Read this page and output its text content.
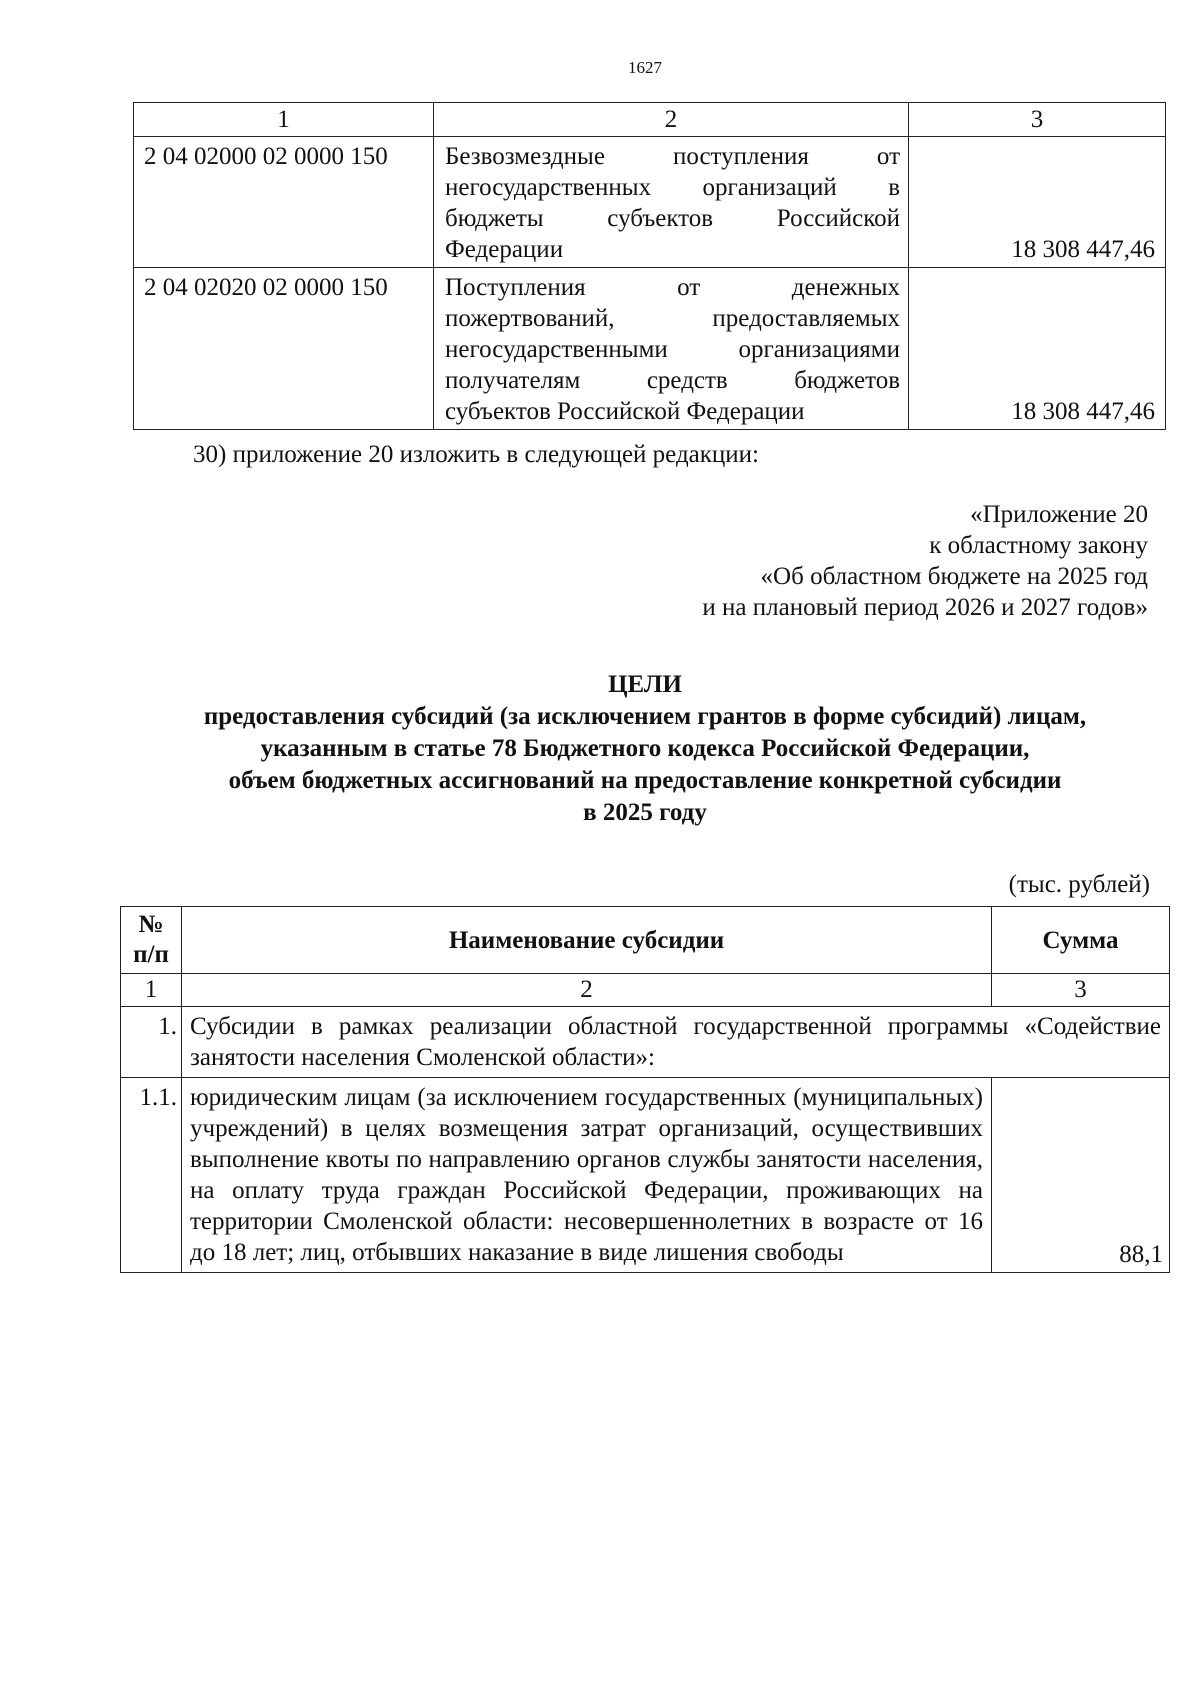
1627
1	2	3
2 04 02000 02 0000 150	Безвозмездные поступления от
негосударственных организаций в
бюджеты субъектов Российской
Федерации	18 308 447,46
2 04 02020 02 0000 150	Поступления от денежных
пожертвований, предоставляемых
негосударственными организациями
получателям средств бюджетов
субъектов Российской Федерации	18 308 447,46
30) приложение 20 изложить в следующей редакции:
«Приложение 20
к областному закону
«Об областном бюджете на 2025 год
и на плановый период 2026 и 2027 годов»
ЦЕЛИ
предоставления субсидий (за исключением грантов в форме субсидий) лицам,
указанным в статье 78 Бюджетного кодекса Российской Федерации,
объем бюджетных ассигнований на предоставление конкретной субсидии
в 2025 году
(тыс. рублей)
№
п/п	Наименование субсидии	Сумма
1	2	3
1.	Субсидии в рамках реализации областной государственной программы «Содействие занятости населения Смоленской области»:	
1.1.	юридическим лицам (за исключением государственных (муниципальных) учреждений) в целях возмещения затрат организаций, осуществивших выполнение квоты по направлению органов службы занятости населения, на оплату труда граждан Российской Федерации, проживающих на территории Смоленской области: несовершеннолетних в возрасте от 16 до 18 лет; лиц, отбывших наказание в виде лишения свободы	88,1
